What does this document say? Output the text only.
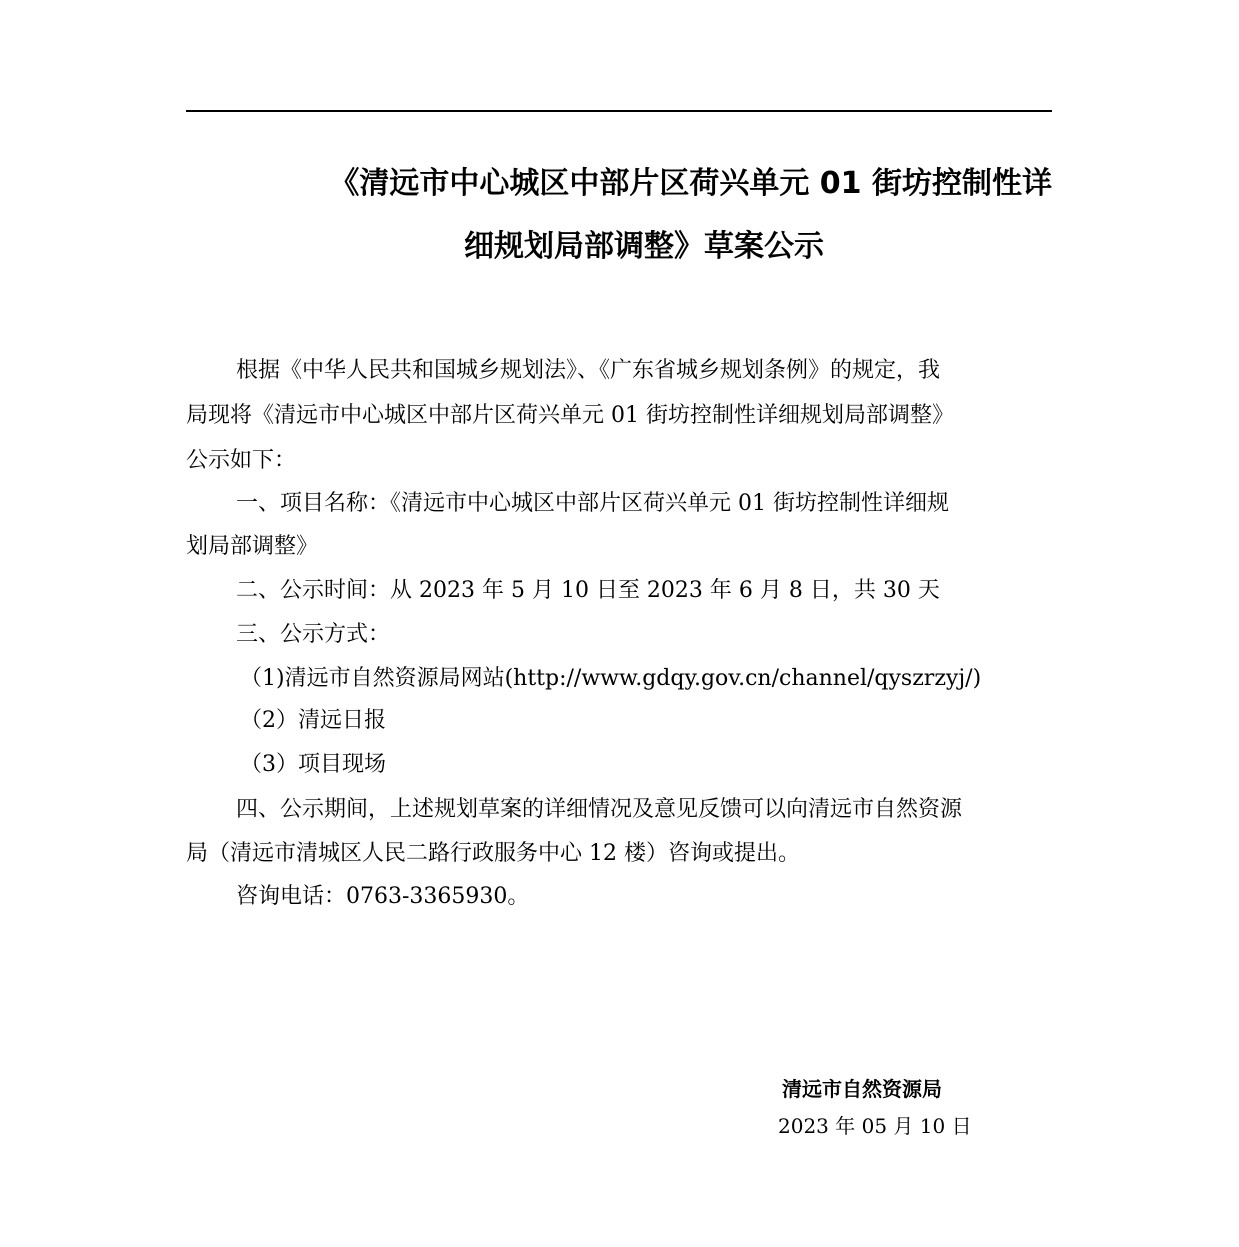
《清远市中心城区中部片区荷兴单元 01 街坊控制性详
细规划局部调整》草案公示
根据《中华人民共和国城乡规划法》、《广东省城乡规划条例》的规定，我
局现将《清远市中心城区中部片区荷兴单元 01 街坊控制性详细规划局部调整》
公示如下：
一、项目名称：《清远市中心城区中部片区荷兴单元 01 街坊控制性详细规
划局部调整》
二、公示时间：从 2023 年 5 月 10 日至 2023 年 6 月 8 日，共 30 天
三、公示方式：
（1)清远市自然资源局网站(http://www.gdqy.gov.cn/channel/qyszrzyj/)
（2）清远日报
（3）项目现场
四、公示期间，上述规划草案的详细情况及意见反馈可以向清远市自然资源
局（清远市清城区人民二路行政服务中心 12 楼）咨询或提出。
咨询电话：0763-3365930。
清远市自然资源局
2023 年 05 月 10 日
